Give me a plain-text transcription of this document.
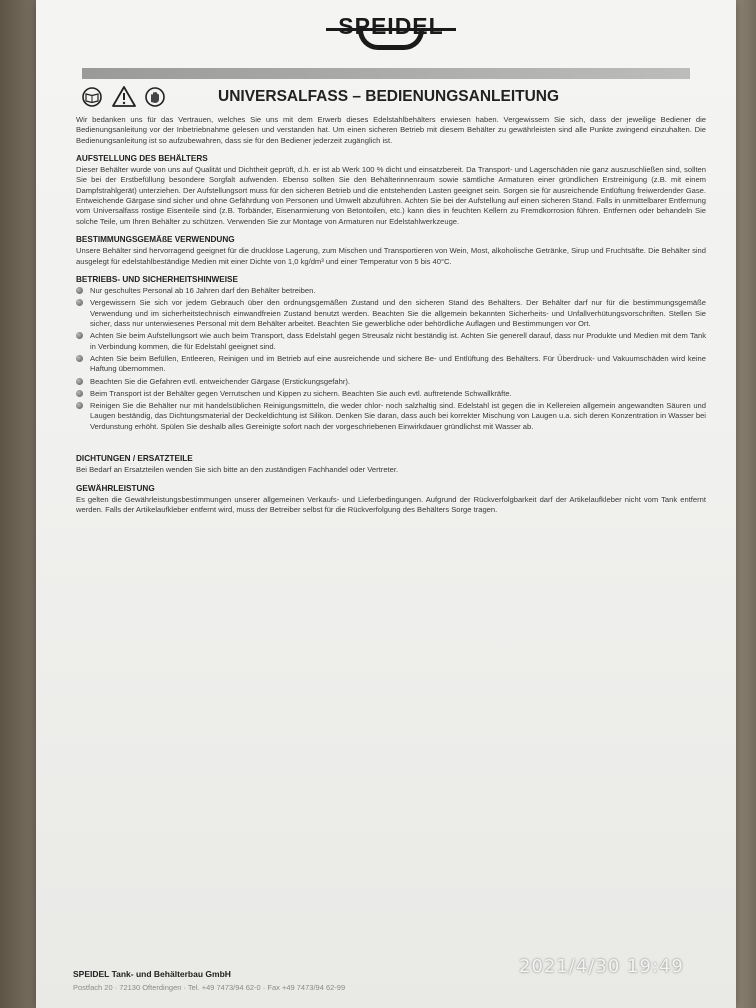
SPEIDEL
UNIVERSALFASS – BEDIENUNGSANLEITUNG

Wir bedanken uns für das Vertrauen, welches Sie uns mit dem Erwerb dieses Edelstahlbehälters erwiesen haben. Vergewissern Sie sich, dass der jeweilige Bediener die Bedienungsanleitung vor der Inbetriebnahme gelesen und verstanden hat. Um einen sicheren Betrieb mit diesem Behälter zu gewährleisten sind alle Punkte zwingend einzuhalten. Die Bedienungsanleitung ist so aufzubewahren, dass sie für den Bediener jederzeit zugänglich ist.

AUFSTELLUNG DES BEHÄLTERS

Dieser Behälter wurde von uns auf Qualität und Dichtheit geprüft, d.h. er ist ab Werk 100 % dicht und einsatzbereit. Da Transport- und Lagerschäden nie ganz auszuschließen sind, sollten Sie bei der Erstbefüllung besondere Sorgfalt aufwenden. Ebenso sollten Sie den Behälterinnenraum sowie sämtliche Armaturen einer gründlichen Erstreinigung (z.B. mit einem Dampfstrahlgerät) unterziehen. Der Aufstellungsort muss für den sicheren Betrieb und die entstehenden Lasten geeignet sein. Sorgen sie für ausreichende Entlüftung freiwerdender Gase. Entweichende Gärgase sind sicher und ohne Gefährdung von Personen und Umwelt abzuführen. Achten Sie bei der Aufstellung auf einen sicheren Stand. Falls in unmittelbarer Entfernung vom Universalfass rostige Eisenteile sind (z.B. Torbänder, Eisenarmierung von Betontoilen, etc.) kann dies in feuchten Kellern zu Fremdkorrosion führen. Entfernen oder behandeln Sie solche Teile, um Ihren Behälter zu schützen. Verwenden Sie zur Montage von Armaturen nur Edelstahlwerkzeuge.

BESTIMMUNGSGEMÄßE VERWENDUNG

Unsere Behälter sind hervorragend geeignet für die drucklose Lagerung, zum Mischen und Transportieren von Wein, Most, alkoholische Getränke, Sirup und Fruchtsäfte. Die Behälter sind ausgelegt für edelstahlbeständige Medien mit einer Dichte von 1,0 kg/dm³ und einer Temperatur von 5 bis 40°C.

BETRIEBS- UND SICHERHEITSHINWEISE
Nur geschultes Personal ab 16 Jahren darf den Behälter betreiben.
Vergewissern Sie sich vor jedem Gebrauch über den ordnungsgemäßen Zustand und den sicheren Stand des Behälters. Der Behälter darf nur für die bestimmungsgemäße Verwendung und im sicherheitstechnisch einwandfreien Zustand benutzt werden. Beachten Sie die allgemein bekannten Sicherheits- und Unfallverhütungsvorschriften. Stellen Sie sicher, dass nur unterwiesenes Personal mit dem Behälter arbeitet. Beachten Sie gewerbliche oder behördliche Auflagen und Bestimmungen vor Ort.
Achten Sie beim Aufstellungsort wie auch beim Transport, dass Edelstahl gegen Streusalz nicht beständig ist. Achten Sie generell darauf, dass nur Produkte und Medien mit dem Tank in Verbindung kommen, die für Edelstahl geeignet sind.
Achten Sie beim Befüllen, Entleeren, Reinigen und im Betrieb auf eine ausreichende und sichere Be- und Entlüftung des Behälters. Für Überdruck- und Vakuumschäden wird keine Haftung übernommen.
Beachten Sie die Gefahren evtl. entweichender Gärgase (Erstickungsgefahr).
Beim Transport ist der Behälter gegen Verrutschen und Kippen zu sichern. Beachten Sie auch evtl. auftretende Schwallkräfte.
Reinigen Sie die Behälter nur mit handelsüblichen Reinigungsmitteln, die weder chlor- noch salzhaltig sind. Edelstahl ist gegen die in Kellereien allgemein angewandten Säuren und Laugen beständig, das Dichtungsmaterial der Deckeldichtung ist Silikon. Denken Sie daran, dass auch bei korrekter Mischung von Laugen u.a. sich deren Konzentration in Wasser bei Verdunstung erhöht. Spülen Sie deshalb alles Gereinigte sofort nach der vorgeschriebenen Einwirkdauer gründlichst mit Wasser ab.
DICHTUNGEN / ERSATZTEILE

Bei Bedarf an Ersatzteilen wenden Sie sich bitte an den zuständigen Fachhandel oder Vertreter.

GEWÄHRLEISTUNG

Es gelten die Gewährleistungsbestimmungen unserer allgemeinen Verkaufs- und Lieferbedingungen. Aufgrund der Rückverfolgbarkeit darf der Artikelaufkleber nicht vom Tank entfernt werden. Falls der Artikelaufkleber entfernt wird, muss der Betreiber selbst für die Rückverfolgung des Behälters Sorge tragen.

SPEIDEL Tank- und Behälterbau GmbH
Postfach 20 · 72130 Ofterdingen · Tel. +49 7473/94 62-0 · Fax +49 7473/94 62-99
2021/4/30 19:49
